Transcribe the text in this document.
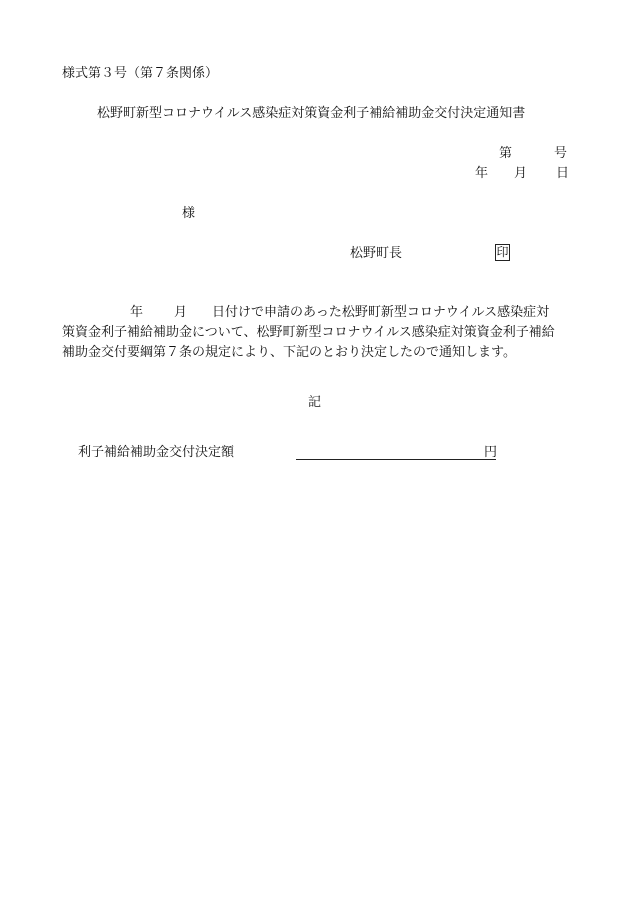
様式第３号（第７条関係）
松野町新型コロナウイルス感染症対策資金利子補給補助金交付決定通知書
第	号
年 月 日
様
松野町長	印
年 月 日付けで申請のあった松野町新型コロナウイルス感染症対
策資金利子補給補助金について、松野町新型コロナウイルス感染症対策資金利子補給
補助金交付要綱第７条の規定により、下記のとおり決定したので通知します。
記
利子補給補助金交付決定額	円
